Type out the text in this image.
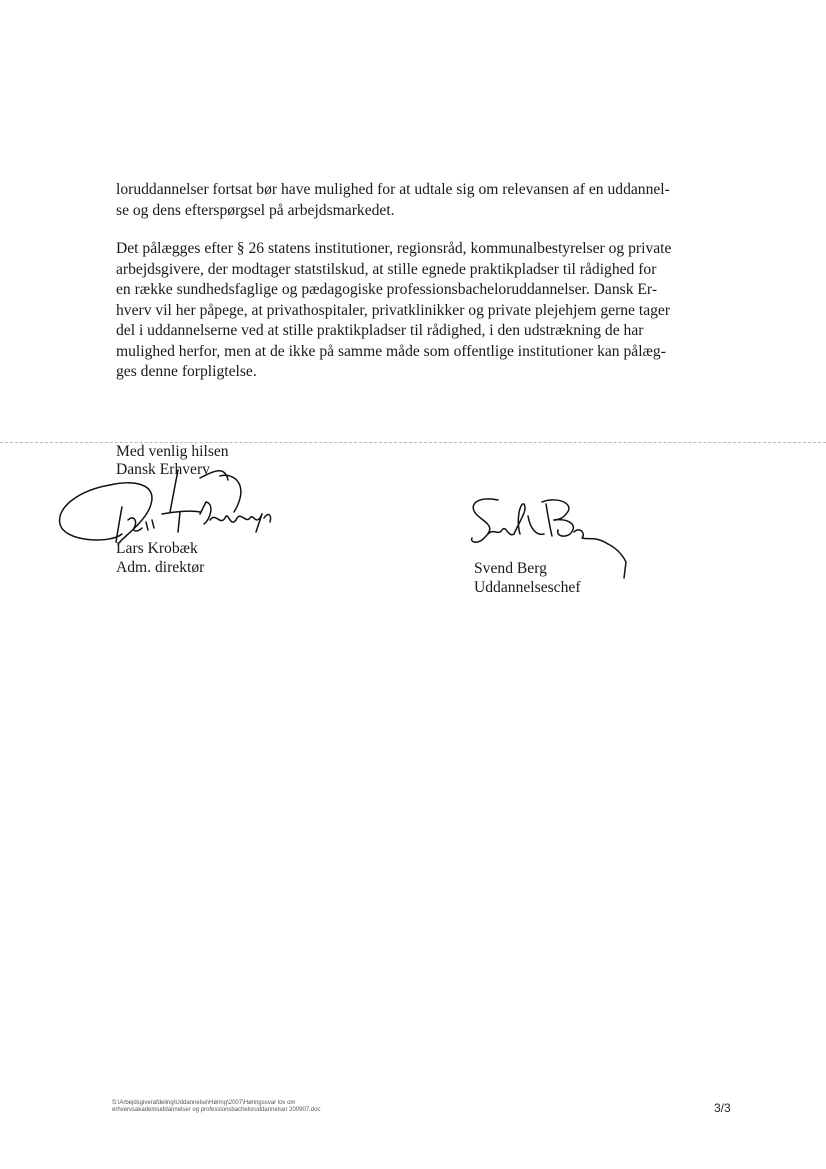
loruddannelser fortsat bør have mulighed for at udtale sig om relevansen af en uddannel-
se og dens efterspørgsel på arbejdsmarkedet.

Det pålægges efter § 26 statens institutioner, regionsråd, kommunalbestyrelser og private
arbejdsgivere, der modtager statstilskud, at stille egnede praktikpladser til rådighed for
en række sundhedsfaglige og pædagogiske professionsbacheloruddannelser. Dansk Er-
hverv vil her påpege, at privathospitaler, privatklinikker og private plejehjem gerne tager
del i uddannelserne ved at stille praktikpladser til rådighed, i den udstrækning de har
mulighed herfor, men at de ikke på samme måde som offentlige institutioner kan pålæg-
ges denne forpligtelse.

Med venlig hilsen
Dansk Erhverv
Lars Krobæk
Adm. direktør	Svend Berg
Uddannelseschef
S:\Arbejdsgiverafdeling\Uddannelse\Høring\2007\Høringssvar lov om
erhvervsakademiuddannelser og professionsbacheloruddannelser 200907.doc	3/3
